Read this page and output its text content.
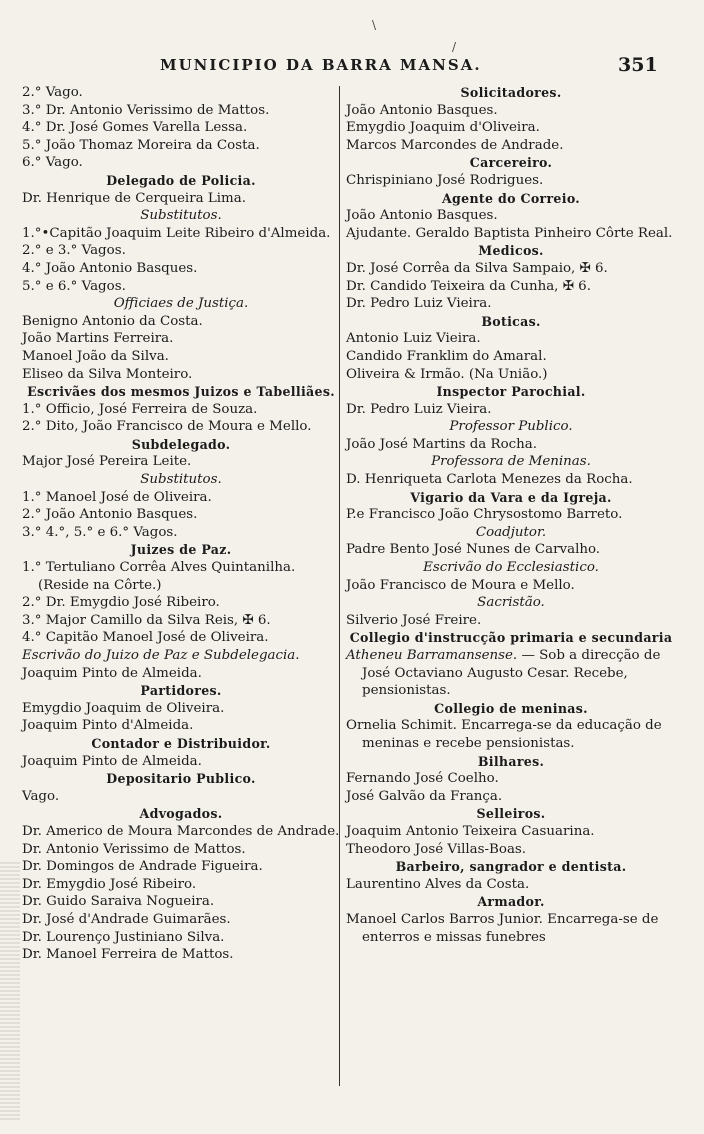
\
/
MUNICIPIO DA BARRA MANSA.	351
2.° Vago.
3.° Dr. Antonio Verissimo de Mattos.
4.° Dr. José Gomes Varella Lessa.
5.° João Thomaz Moreira da Costa.
6.° Vago.
Delegado de Policia.
Dr. Henrique de Cerqueira Lima.
Substitutos.
1.°•Capitão Joaquim Leite Ribeiro d'Almeida.
2.° e 3.° Vagos.
4.° João Antonio Basques.
5.° e 6.° Vagos.
Officiaes de Justiça.
Benigno Antonio da Costa.
João Martins Ferreira.
Manoel João da Silva.
Eliseo da Silva Monteiro.
Escrivães dos mesmos Juizos e Tabelliães.
1.° Officio, José Ferreira de Souza.
2.° Dito, João Francisco de Moura e Mello.
Subdelegado.
Major José Pereira Leite.
Substitutos.
1.° Manoel José de Oliveira.
2.° João Antonio Basques.
3.° 4.°, 5.° e 6.° Vagos.
Juizes de Paz.
1.° Tertuliano Corrêa Alves Quintanilha. (Reside na Côrte.)
2.° Dr. Emygdio José Ribeiro.
3.° Major Camillo da Silva Reis, ✠ 6.
4.° Capitão Manoel José de Oliveira.
Escrivão do Juizo de Paz e Subdelegacia.
Joaquim Pinto de Almeida.
Partidores.
Emygdio Joaquim de Oliveira.
Joaquim Pinto d'Almeida.
Contador e Distribuidor.
Joaquim Pinto de Almeida.
Depositario Publico.
Vago.
Advogados.
Dr. Americo de Moura Marcondes de Andrade.
Dr. Antonio Verissimo de Mattos.
Dr. Domingos de Andrade Figueira.
Dr. Emygdio José Ribeiro.
Dr. Guido Saraiva Nogueira.
Dr. José d'Andrade Guimarães.
Dr. Lourenço Justiniano Silva.
Dr. Manoel Ferreira de Mattos.
Solicitadores.
João Antonio Basques.
Emygdio Joaquim d'Oliveira.
Marcos Marcondes de Andrade.
Carcereiro.
Chrispiniano José Rodrigues.
Agente do Correio.
João Antonio Basques.
Ajudante. Geraldo Baptista Pinheiro Côrte Real.
Medicos.
Dr. José Corrêa da Silva Sampaio, ✠ 6.
Dr. Candido Teixeira da Cunha, ✠ 6.
Dr. Pedro Luiz Vieira.
Boticas.
Antonio Luiz Vieira.
Candido Franklim do Amaral.
Oliveira & Irmão. (Na União.)
Inspector Parochial.
Dr. Pedro Luiz Vieira.
Professor Publico.
João José Martins da Rocha.
Professora de Meninas.
D. Henriqueta Carlota Menezes da Rocha.
Vigario da Vara e da Igreja.
P.e Francisco João Chrysostomo Barreto.
Coadjutor.
Padre Bento José Nunes de Carvalho.
Escrivão do Ecclesiastico.
João Francisco de Moura e Mello.
Sacristão.
Silverio José Freire.
Collegio d'instrucção primaria e secundaria
Atheneu Barramansense. — Sob a direcção de José Octaviano Augusto Cesar. Recebe, pensionistas.
Collegio de meninas.
Ornelia Schimit. Encarrega-se da educação de meninas e recebe pensionistas.
Bilhares.
Fernando José Coelho.
José Galvão da França.
Selleiros.
Joaquim Antonio Teixeira Casuarina.
Theodoro José Villas-Boas.
Barbeiro, sangrador e dentista.
Laurentino Alves da Costa.
Armador.
Manoel Carlos Barros Junior. Encarrega-se de enterros e missas funebres
